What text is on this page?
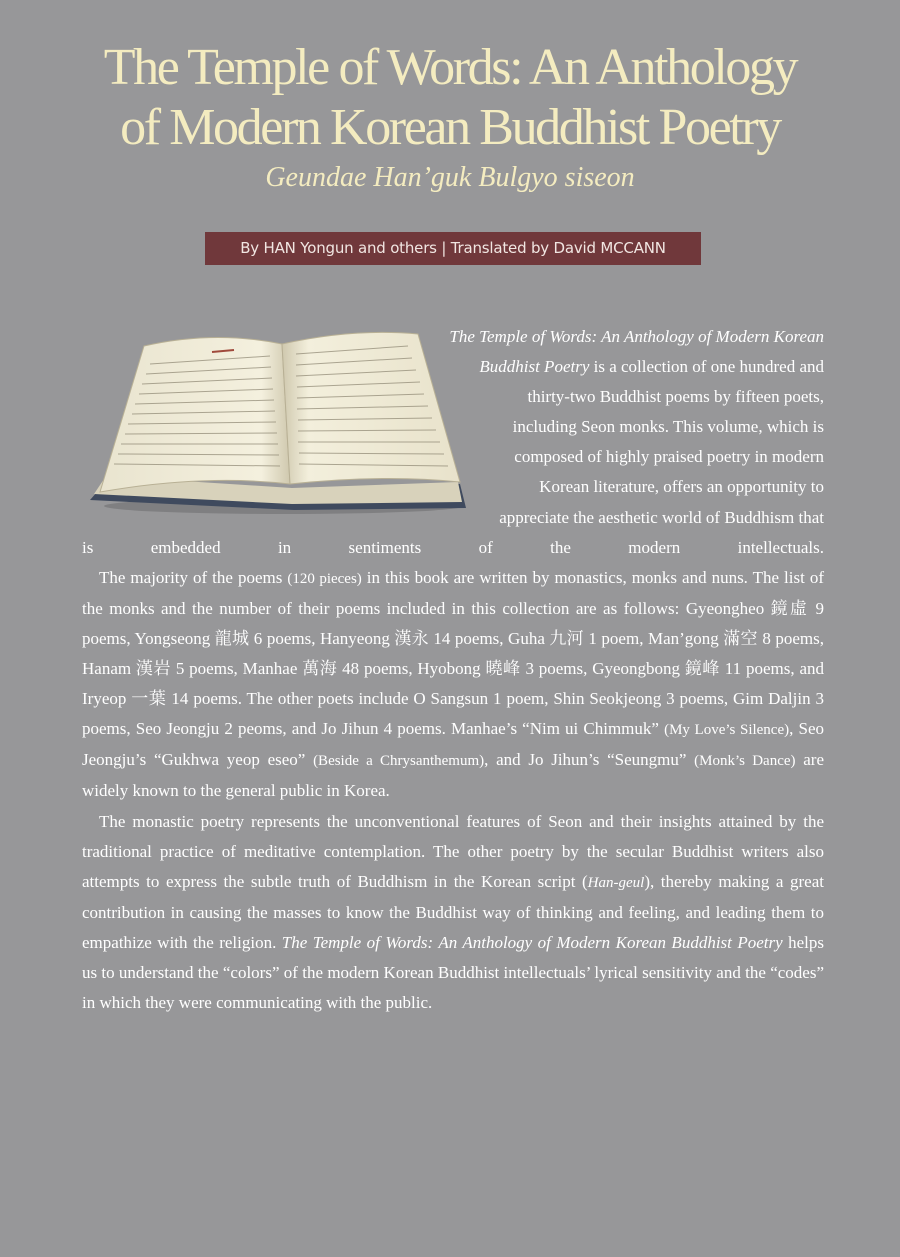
The Temple of Words: An Anthology
of Modern Korean Buddhist Poetry
Geundae Han’guk Bulgyo siseon
By HAN Yongun and others | Translated by David MCCANN

The Temple of Words: An Anthology of Modern Korean Buddhist Poetry is a collection of one hundred and thirty-two Buddhist poems by fifteen poets, including Seon monks. This volume, which is composed of highly praised poetry in modern Korean literature, offers an opportunity to appreciate the aesthetic world of Buddhism that is embedded in sentiments of the modern intellectuals.

The majority of the poems (120 pieces) in this book are written by monastics, monks and nuns. The list of the monks and the number of their poems included in this collection are as follows: Gyeongheo 鏡虛 9 poems, Yongseong 龍城 6 poems, Hanyeong 漢永 14 poems, Guha 九河 1 poem, Man’gong 滿空 8 poems, Hanam 漢岩 5 poems, Manhae 萬海 48 poems, Hyobong 曉峰 3 poems, Gyeongbong 鏡峰 11 poems, and Iryeop 一葉 14 poems. The other poets include O Sangsun 1 poem, Shin Seokjeong 3 poems, Gim Daljin 3 poems, Seo Jeongju 2 peoms, and Jo Jihun 4 poems. Manhae’s “Nim ui Chimmuk” (My Love’s Silence), Seo Jeongju’s “Gukhwa yeop eseo” (Beside a Chrysanthemum), and Jo Jihun’s “Seungmu” (Monk’s Dance) are widely known to the general public in Korea.

The monastic poetry represents the unconventional features of Seon and their insights attained by the traditional practice of meditative contemplation. The other poetry by the secular Buddhist writers also attempts to express the subtle truth of Buddhism in the Korean script (Han-geul), thereby making a great contribution in causing the masses to know the Buddhist way of thinking and feeling, and leading them to empathize with the religion. The Temple of Words: An Anthology of Modern Korean Buddhist Poetry helps us to understand the “colors” of the modern Korean Buddhist intellectuals’ lyrical sensitivity and the “codes” in which they were communicating with the public.
